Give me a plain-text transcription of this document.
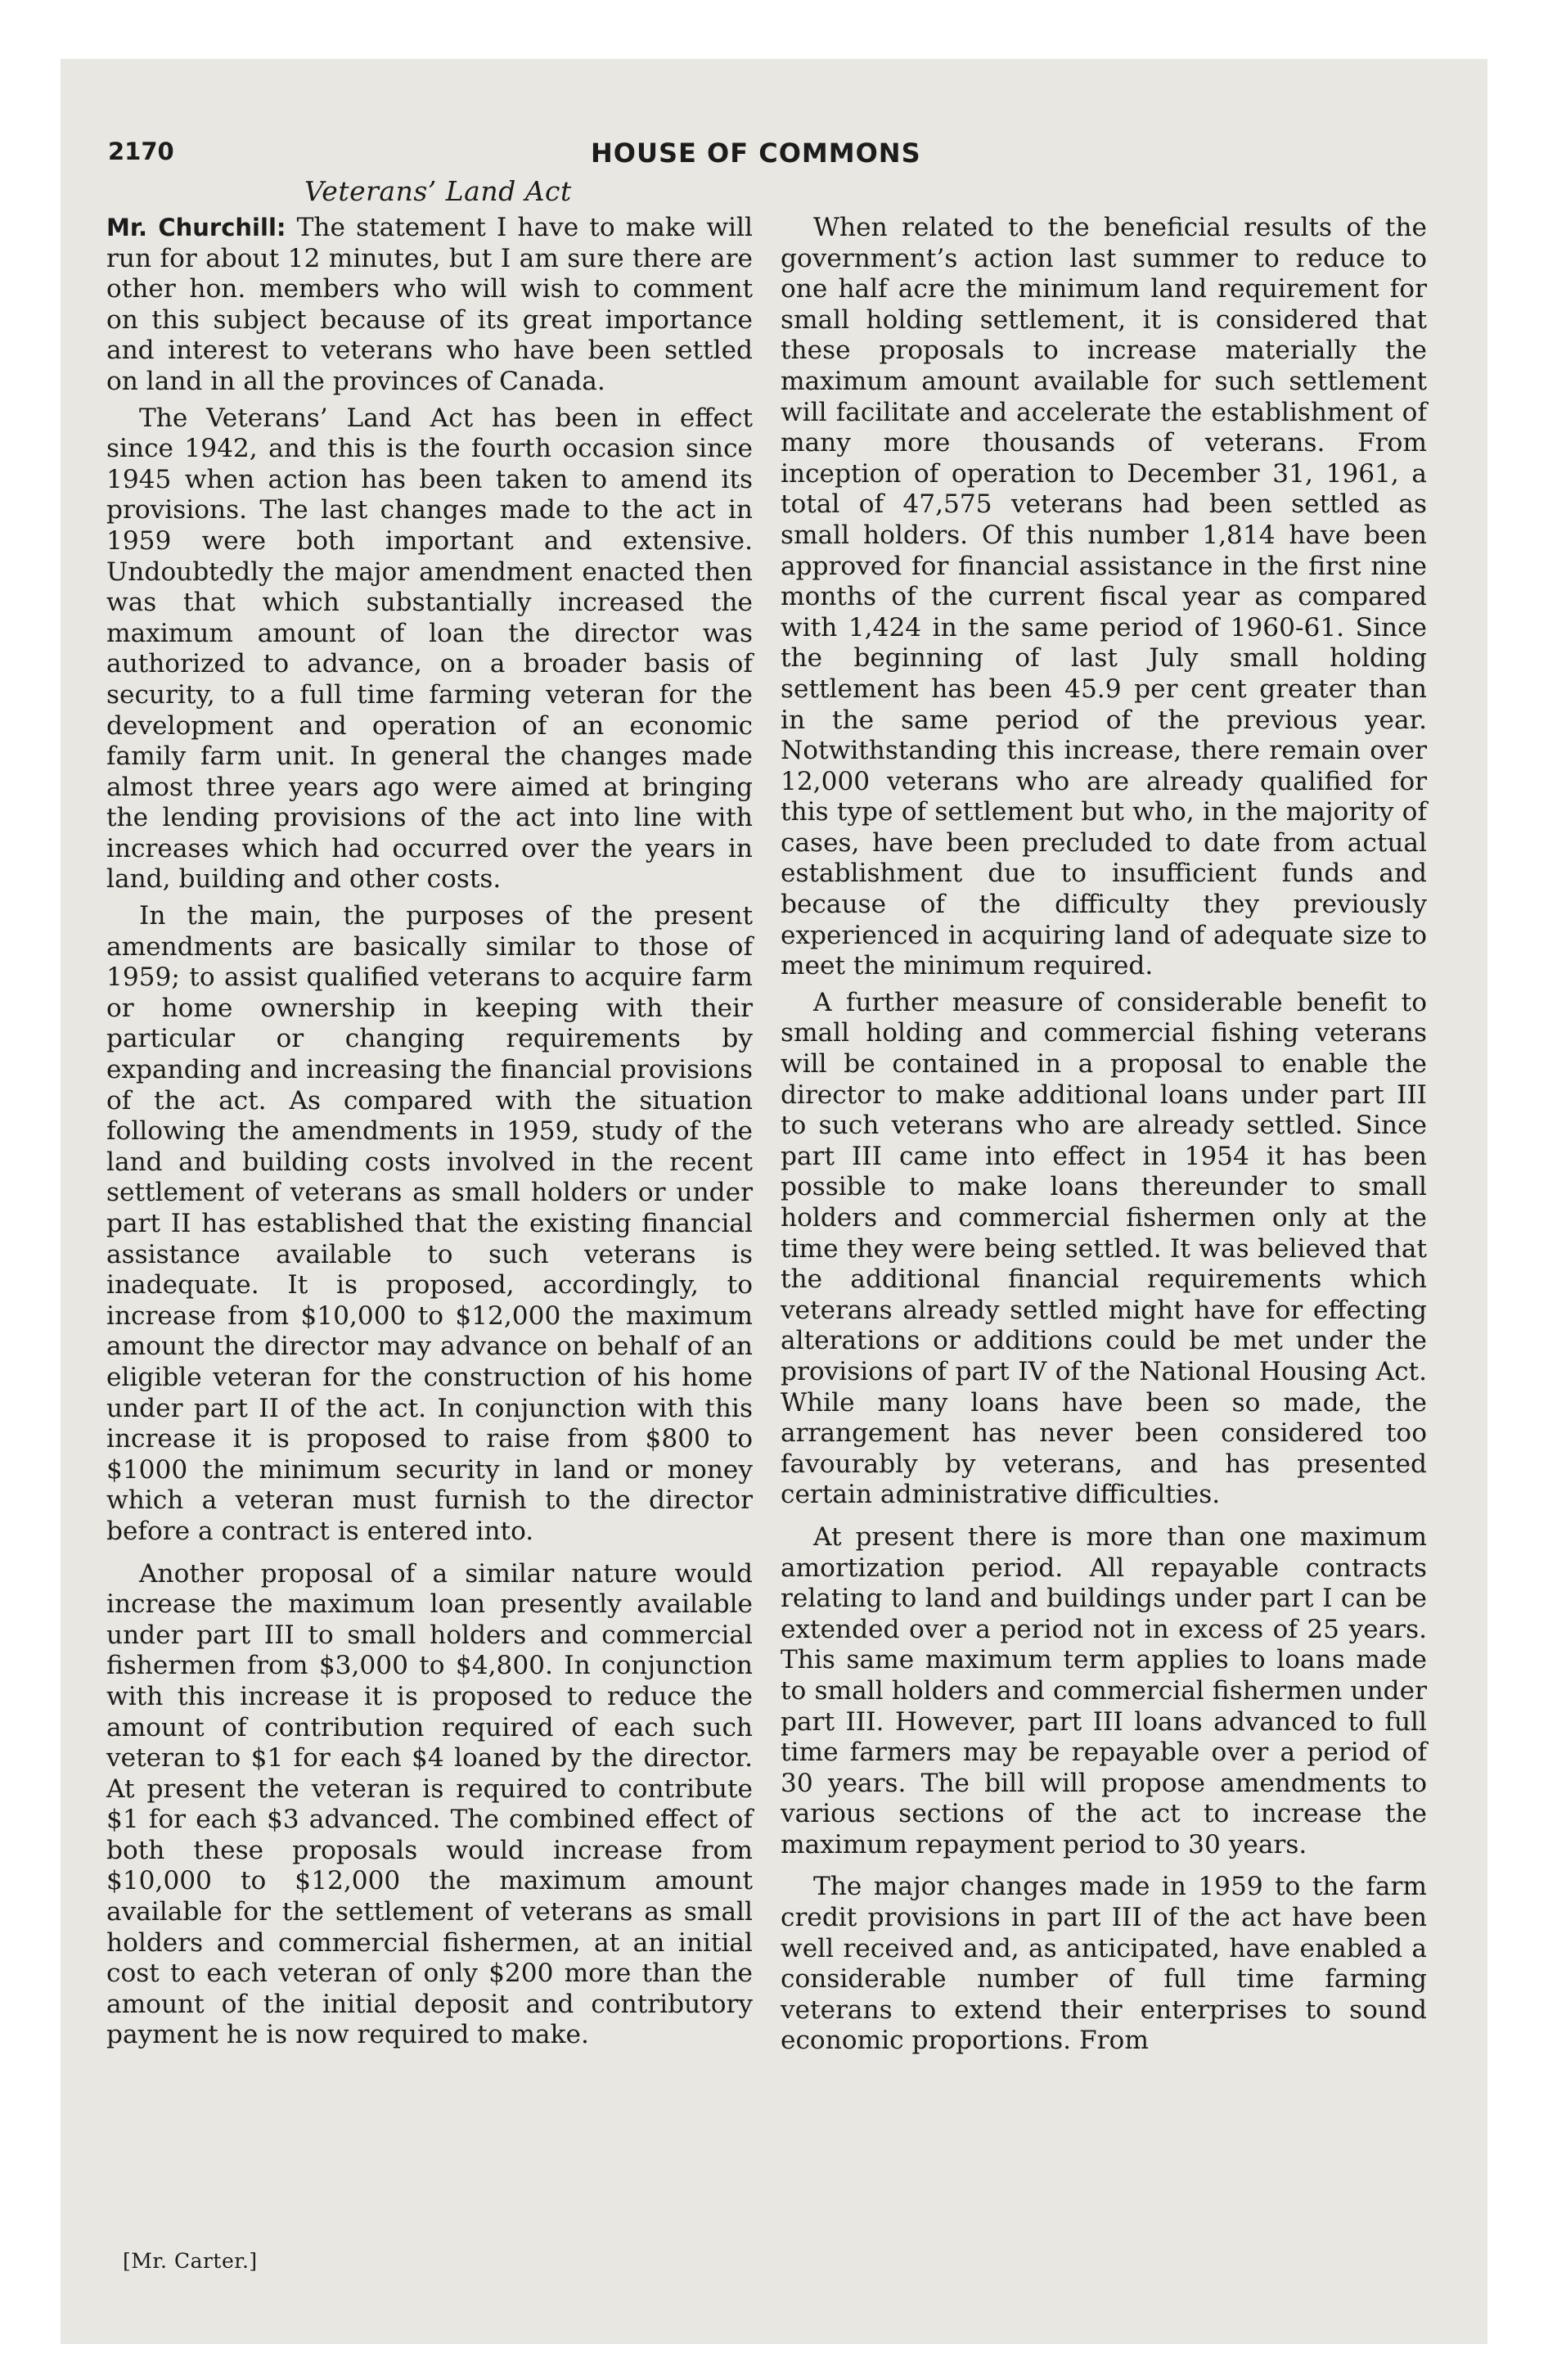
2170	HOUSE OF COMMONS
Veterans’ Land Act

Mr. Churchill: The statement I have to make will run for about 12 minutes, but I am sure there are other hon. members who will wish to comment on this subject because of its great importance and interest to veterans who have been settled on land in all the provinces of Canada.

The Veterans’ Land Act has been in effect since 1942, and this is the fourth occasion since 1945 when action has been taken to amend its provisions. The last changes made to the act in 1959 were both important and extensive. Undoubtedly the major amendment enacted then was that which substantially increased the maximum amount of loan the director was authorized to advance, on a broader basis of security, to a full time farming veteran for the development and operation of an economic family farm unit. In general the changes made almost three years ago were aimed at bringing the lending provisions of the act into line with increases which had occurred over the years in land, building and other costs.

In the main, the purposes of the present amendments are basically similar to those of 1959; to assist qualified veterans to acquire farm or home ownership in keeping with their particular or changing requirements by expanding and increasing the financial provisions of the act. As compared with the situation following the amendments in 1959, study of the land and building costs involved in the recent settlement of veterans as small holders or under part II has established that the existing financial assistance available to such veterans is inadequate. It is proposed, accordingly, to increase from $10,000 to $12,000 the maximum amount the director may advance on behalf of an eligible veteran for the construction of his home under part II of the act. In conjunction with this increase it is proposed to raise from $800 to $1000 the minimum security in land or money which a veteran must furnish to the director before a contract is entered into.

Another proposal of a similar nature would increase the maximum loan presently available under part III to small holders and commercial fishermen from $3,000 to $4,800. In conjunction with this increase it is proposed to reduce the amount of contribution required of each such veteran to $1 for each $4 loaned by the director. At present the veteran is required to contribute $1 for each $3 advanced. The combined effect of both these proposals would increase from $10,000 to $12,000 the maximum amount available for the settlement of veterans as small holders and commercial fishermen, at an initial cost to each veteran of only $200 more than the amount of the initial deposit and contributory payment he is now required to make.

When related to the beneficial results of the government’s action last summer to reduce to one half acre the minimum land requirement for small holding settlement, it is considered that these proposals to increase materially the maximum amount available for such settlement will facilitate and accelerate the establishment of many more thousands of veterans. From inception of operation to December 31, 1961, a total of 47,575 veterans had been settled as small holders. Of this number 1,814 have been approved for financial assistance in the first nine months of the current fiscal year as compared with 1,424 in the same period of 1960-61. Since the beginning of last July small holding settlement has been 45.9 per cent greater than in the same period of the previous year. Notwithstanding this increase, there remain over 12,000 veterans who are already qualified for this type of settlement but who, in the majority of cases, have been precluded to date from actual establishment due to insufficient funds and because of the difficulty they previously experienced in acquiring land of adequate size to meet the minimum required.

A further measure of considerable benefit to small holding and commercial fishing veterans will be contained in a proposal to enable the director to make additional loans under part III to such veterans who are already settled. Since part III came into effect in 1954 it has been possible to make loans thereunder to small holders and commercial fishermen only at the time they were being settled. It was believed that the additional financial requirements which veterans already settled might have for effecting alterations or additions could be met under the provisions of part IV of the National Housing Act. While many loans have been so made, the arrangement has never been considered too favourably by veterans, and has presented certain administrative difficulties.

At present there is more than one maximum amortization period. All repayable contracts relating to land and buildings under part I can be extended over a period not in excess of 25 years. This same maximum term applies to loans made to small holders and commercial fishermen under part III. However, part III loans advanced to full time farmers may be repayable over a period of 30 years. The bill will propose amendments to various sections of the act to increase the maximum repayment period to 30 years.

The major changes made in 1959 to the farm credit provisions in part III of the act have been well received and, as anticipated, have enabled a considerable number of full time farming veterans to extend their enterprises to sound economic proportions. From

[Mr. Carter.]
